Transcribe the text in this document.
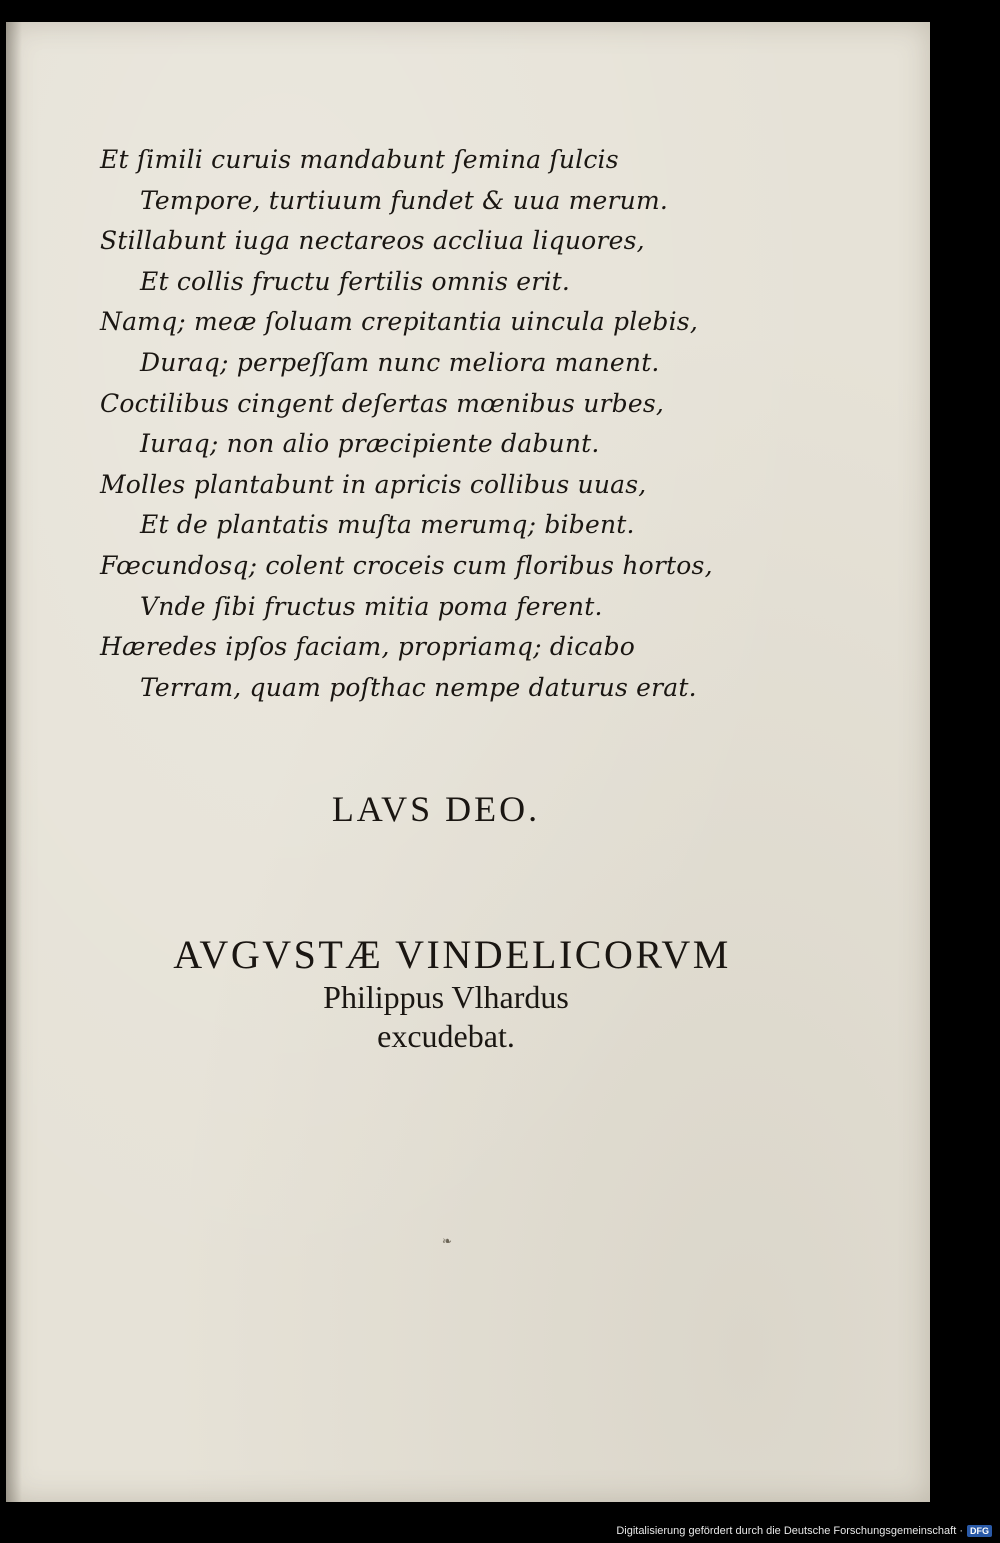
Et ſimili curuis mandabunt ſemina ſulcis
Tempore, turtiuum fundet & uua merum.
Stillabunt iuga nectareos accliua liquores,
Et collis fructu fertilis omnis erit.
Namq; meæ ſoluam crepitantia uincula plebis,
Duraq; perpeſſam nunc meliora manent.
Coctilibus cingent deſertas mœnibus urbes,
Iuraq; non alio præcipiente dabunt.
Molles plantabunt in apricis collibus uuas,
Et de plantatis muſta merumq; bibent.
Fœcundosq; colent croceis cum floribus hortos,
Vnde ſibi fructus mitia poma ferent.
Hæredes ipſos faciam, propriamq; dicabo
Terram, quam poſthac nempe daturus erat.
LAVS DEO.
AVGVSTÆ VINDELICORVM
Philippus Vlhardus
excudebat.
❧
Digitalisierung gefördert durch die Deutsche Forschungsgemeinschaft · DFG
